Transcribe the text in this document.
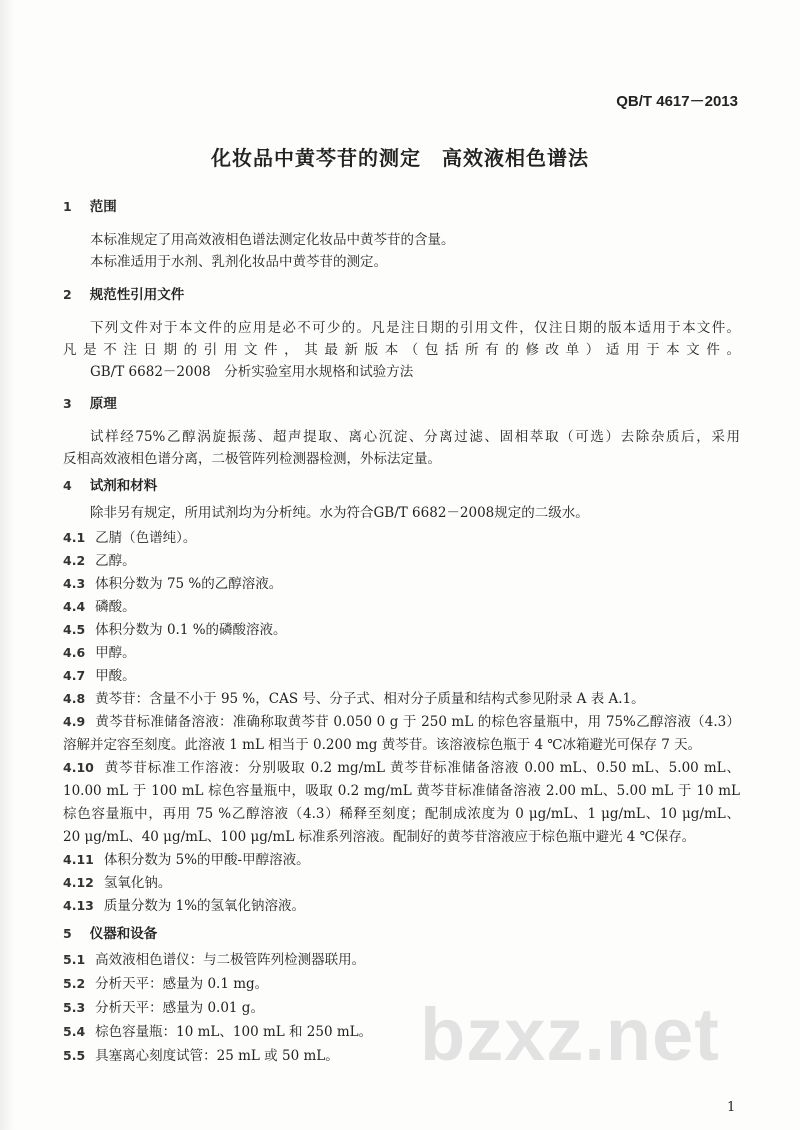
QB/T 4617－2013
化妆品中黄芩苷的测定　高效液相色谱法
1 范围
本标准规定了用高效液相色谱法测定化妆品中黄芩苷的含量。
本标准适用于水剂、乳剂化妆品中黄芩苷的测定。
2 规范性引用文件
下列文件对于本文件的应用是必不可少的。凡是注日期的引用文件，仅注日期的版本适用于本文件。
凡是不注日期的引用文件，其最新版本（包括所有的修改单）适用于本文件。
GB/T 6682－2008　分析实验室用水规格和试验方法
3 原理
试样经75%乙醇涡旋振荡、超声提取、离心沉淀、分离过滤、固相萃取（可选）去除杂质后，采用
反相高效液相色谱分离，二极管阵列检测器检测，外标法定量。
4 试剂和材料
除非另有规定，所用试剂均为分析纯。水为符合GB/T 6682－2008规定的二级水。
4.1 乙腈（色谱纯）。
4.2 乙醇。
4.3 体积分数为 75 %的乙醇溶液。
4.4 磷酸。
4.5 体积分数为 0.1 %的磷酸溶液。
4.6 甲醇。
4.7 甲酸。
4.8 黄芩苷：含量不小于 95 %，CAS 号、分子式、相对分子质量和结构式参见附录 A 表 A.1。
4.9 黄芩苷标准储备溶液：准确称取黄芩苷 0.050 0 g 于 250 mL 的棕色容量瓶中，用 75%乙醇溶液（4.3）
溶解并定容至刻度。此溶液 1 mL 相当于 0.200 mg 黄芩苷。该溶液棕色瓶于 4 ℃冰箱避光可保存 7 天。
4.10 黄芩苷标准工作溶液：分别吸取 0.2 mg/mL 黄芩苷标准储备溶液 0.00 mL、0.50 mL、5.00 mL、
10.00 mL 于 100 mL 棕色容量瓶中，吸取 0.2 mg/mL 黄芩苷标准储备溶液 2.00 mL、5.00 mL 于 10 mL
棕色容量瓶中，再用 75 %乙醇溶液（4.3）稀释至刻度；配制成浓度为 0 μg/mL、1 μg/mL、10 μg/mL、
20 μg/mL、40 μg/mL、100 μg/mL 标准系列溶液。配制好的黄芩苷溶液应于棕色瓶中避光 4 ℃保存。
4.11 体积分数为 5%的甲酸-甲醇溶液。
4.12 氢氧化钠。
4.13 质量分数为 1%的氢氧化钠溶液。
5 仪器和设备
5.1 高效液相色谱仪：与二极管阵列检测器联用。
5.2 分析天平：感量为 0.1 mg。
5.3 分析天平：感量为 0.01 g。
5.4 棕色容量瓶：10 mL、100 mL 和 250 mL。
5.5 具塞离心刻度试管：25 mL 或 50 mL。 bzxz.net
1
